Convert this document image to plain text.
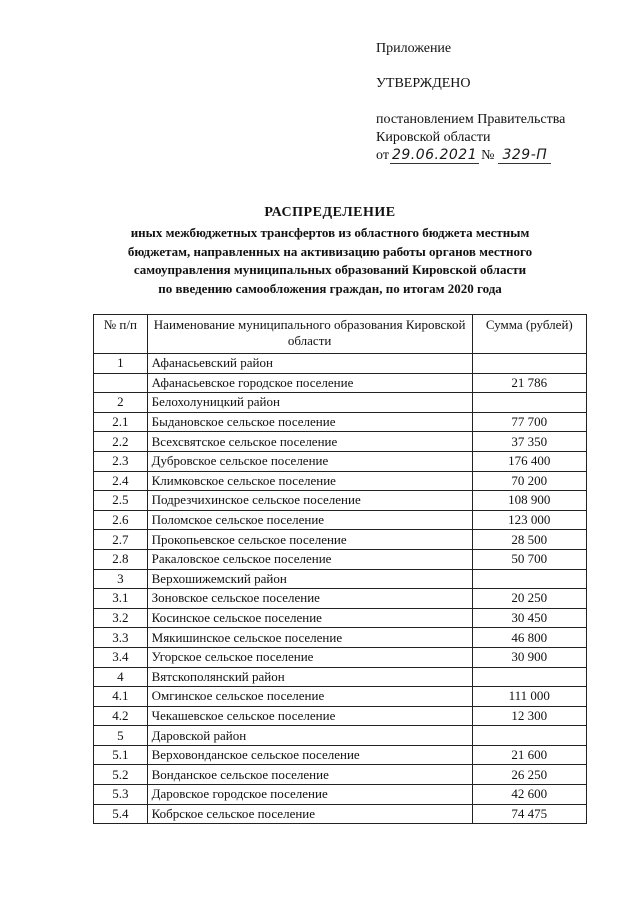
Приложение
УТВЕРЖДЕНО
постановлением Правительства
Кировской области
от 29.06.2021 № 329-П
РАСПРЕДЕЛЕНИЕ
иных межбюджетных трансфертов из областного бюджета местным
бюджетам, направленных на активизацию работы органов местного
самоуправления муниципальных образований Кировской области
по введению самообложения граждан, по итогам 2020 года
№ п/п	Наименование муниципального образования Кировской области	Сумма (рублей)
1	Афанасьевский район	
	Афанасьевское городское поселение	21 786
2	Белохолуницкий район	
2.1	Быдановское сельское поселение	77 700
2.2	Всехсвятское сельское поселение	37 350
2.3	Дубровское сельское поселение	176 400
2.4	Климковское сельское поселение	70 200
2.5	Подрезчихинское сельское поселение	108 900
2.6	Поломское сельское поселение	123 000
2.7	Прокопьевское сельское поселение	28 500
2.8	Ракаловское сельское поселение	50 700
3	Верхошижемский район	
3.1	Зоновское сельское поселение	20 250
3.2	Косинское сельское поселение	30 450
3.3	Мякишинское сельское поселение	46 800
3.4	Угорское сельское поселение	30 900
4	Вятскополянский район	
4.1	Омгинское сельское поселение	111 000
4.2	Чекашевское сельское поселение	12 300
5	Даровской район	
5.1	Верховонданское сельское поселение	21 600
5.2	Вонданское сельское поселение	26 250
5.3	Даровское городское поселение	42 600
5.4	Кобрское сельское поселение	74 475
